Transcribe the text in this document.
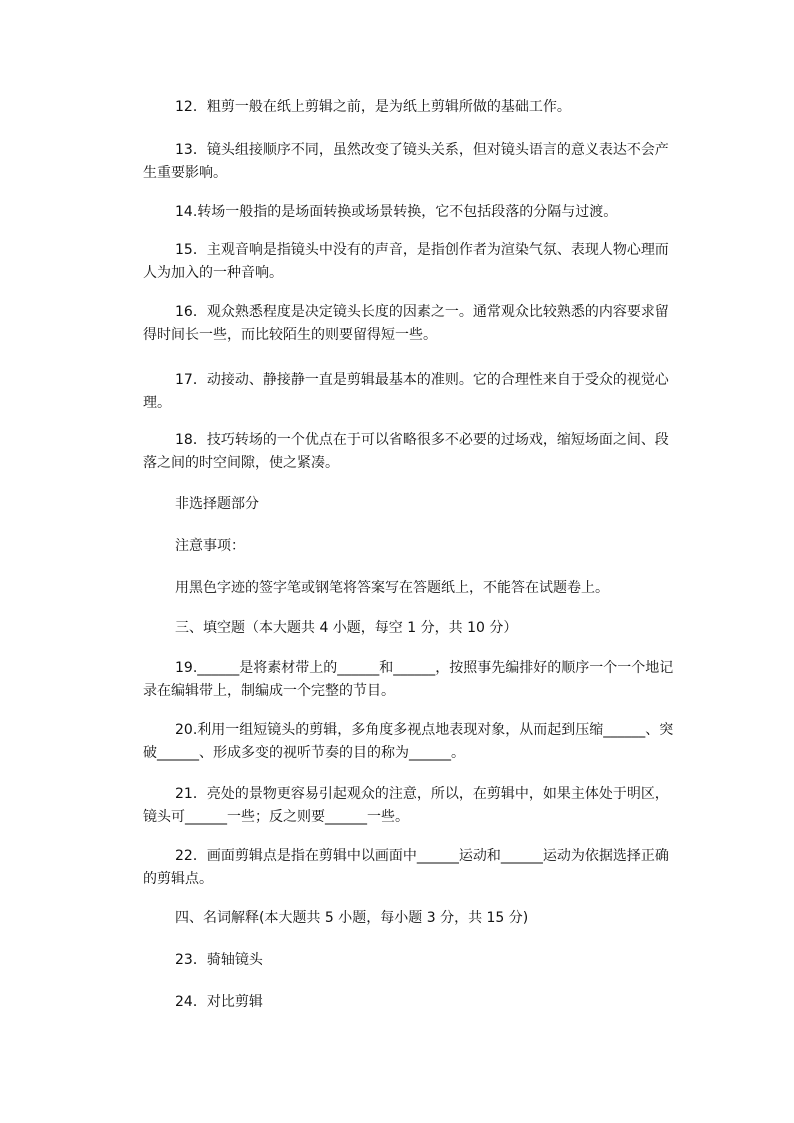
12．粗剪一般在纸上剪辑之前，是为纸上剪辑所做的基础工作。
13．镜头组接顺序不同，虽然改变了镜头关系，但对镜头语言的意义表达不会产
生重要影响。
14.转场一般指的是场面转换或场景转换，它不包括段落的分隔与过渡。
15．主观音响是指镜头中没有的声音，是指创作者为渲染气氛、表现人物心理而
人为加入的一种音响。
16．观众熟悉程度是决定镜头长度的因素之一。通常观众比较熟悉的内容要求留
得时间长一些，而比较陌生的则要留得短一些。
17．动接动、静接静一直是剪辑最基本的准则。它的合理性来自于受众的视觉心
理。
18．技巧转场的一个优点在于可以省略很多不必要的过场戏，缩短场面之间、段
落之间的时空间隙，使之紧凑。
非选择题部分
注意事项：
用黑色字迹的签字笔或钢笔将答案写在答题纸上，不能答在试题卷上。
三、填空题（本大题共 4 小题，每空 1 分，共 10 分）
19.______是将素材带上的______和______，按照事先编排好的顺序一个一个地记
录在编辑带上，制编成一个完整的节目。
20.利用一组短镜头的剪辑，多角度多视点地表现对象，从而起到压缩______、突
破______、形成多变的视听节奏的目的称为______。
21．亮处的景物更容易引起观众的注意，所以，在剪辑中，如果主体处于明区，
镜头可______一些；反之则要______一些。
22．画面剪辑点是指在剪辑中以画面中______运动和______运动为依据选择正确
的剪辑点。
四、名词解释(本大题共 5 小题，每小题 3 分，共 15 分)
23．骑轴镜头
24．对比剪辑
